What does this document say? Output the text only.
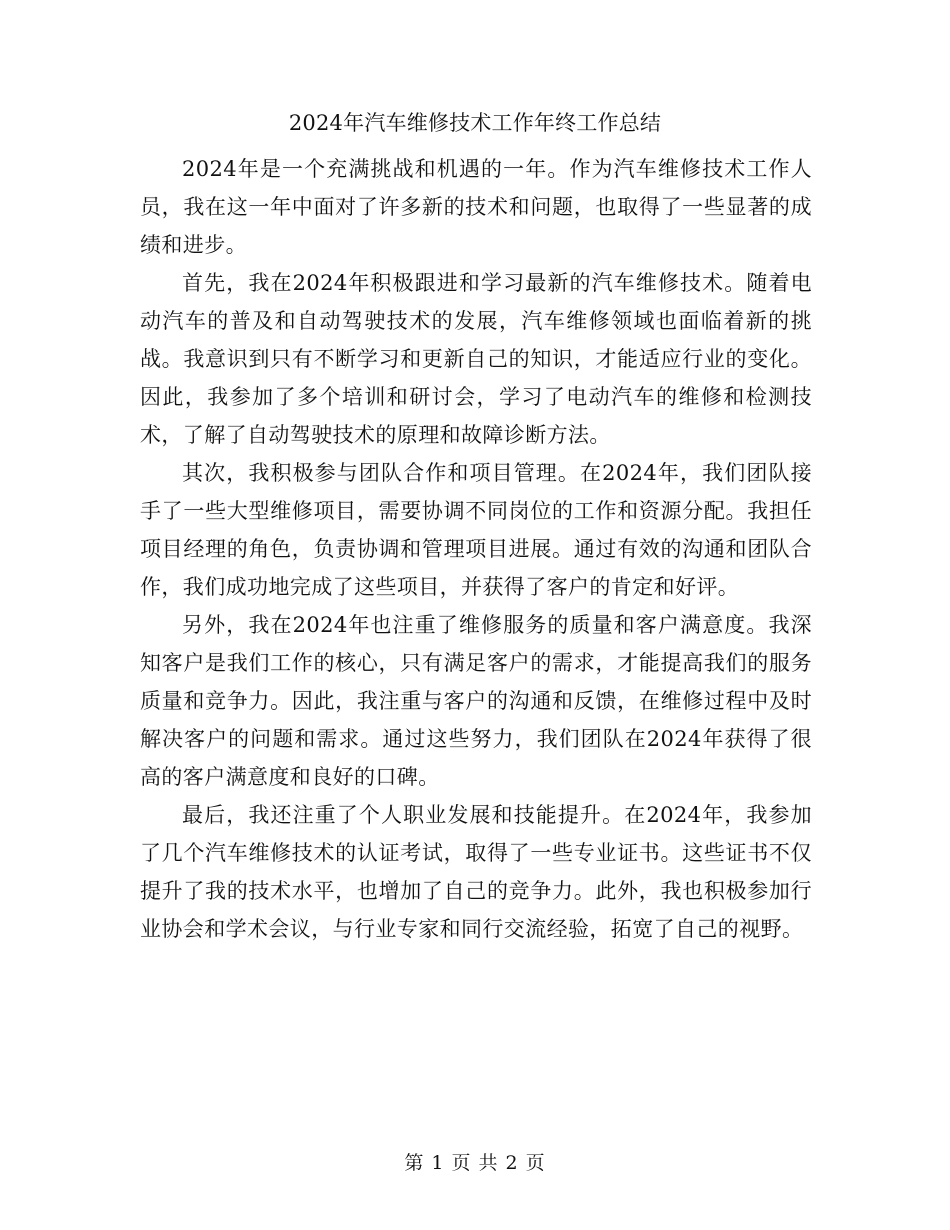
2024年汽车维修技术工作年终工作总结

2024年是一个充满挑战和机遇的一年。作为汽车维修技术工作人员，我在这一年中面对了许多新的技术和问题，也取得了一些显著的成绩和进步。

首先，我在2024年积极跟进和学习最新的汽车维修技术。随着电动汽车的普及和自动驾驶技术的发展，汽车维修领域也面临着新的挑战。我意识到只有不断学习和更新自己的知识，才能适应行业的变化。因此，我参加了多个培训和研讨会，学习了电动汽车的维修和检测技术，了解了自动驾驶技术的原理和故障诊断方法。

其次，我积极参与团队合作和项目管理。在2024年，我们团队接手了一些大型维修项目，需要协调不同岗位的工作和资源分配。我担任项目经理的角色，负责协调和管理项目进展。通过有效的沟通和团队合作，我们成功地完成了这些项目，并获得了客户的肯定和好评。

另外，我在2024年也注重了维修服务的质量和客户满意度。我深知客户是我们工作的核心，只有满足客户的需求，才能提高我们的服务质量和竞争力。因此，我注重与客户的沟通和反馈，在维修过程中及时解决客户的问题和需求。通过这些努力，我们团队在2024年获得了很高的客户满意度和良好的口碑。

最后，我还注重了个人职业发展和技能提升。在2024年，我参加了几个汽车维修技术的认证考试，取得了一些专业证书。这些证书不仅提升了我的技术水平，也增加了自己的竞争力。此外，我也积极参加行业协会和学术会议，与行业专家和同行交流经验，拓宽了自己的视野。

第 1 页 共 2 页
